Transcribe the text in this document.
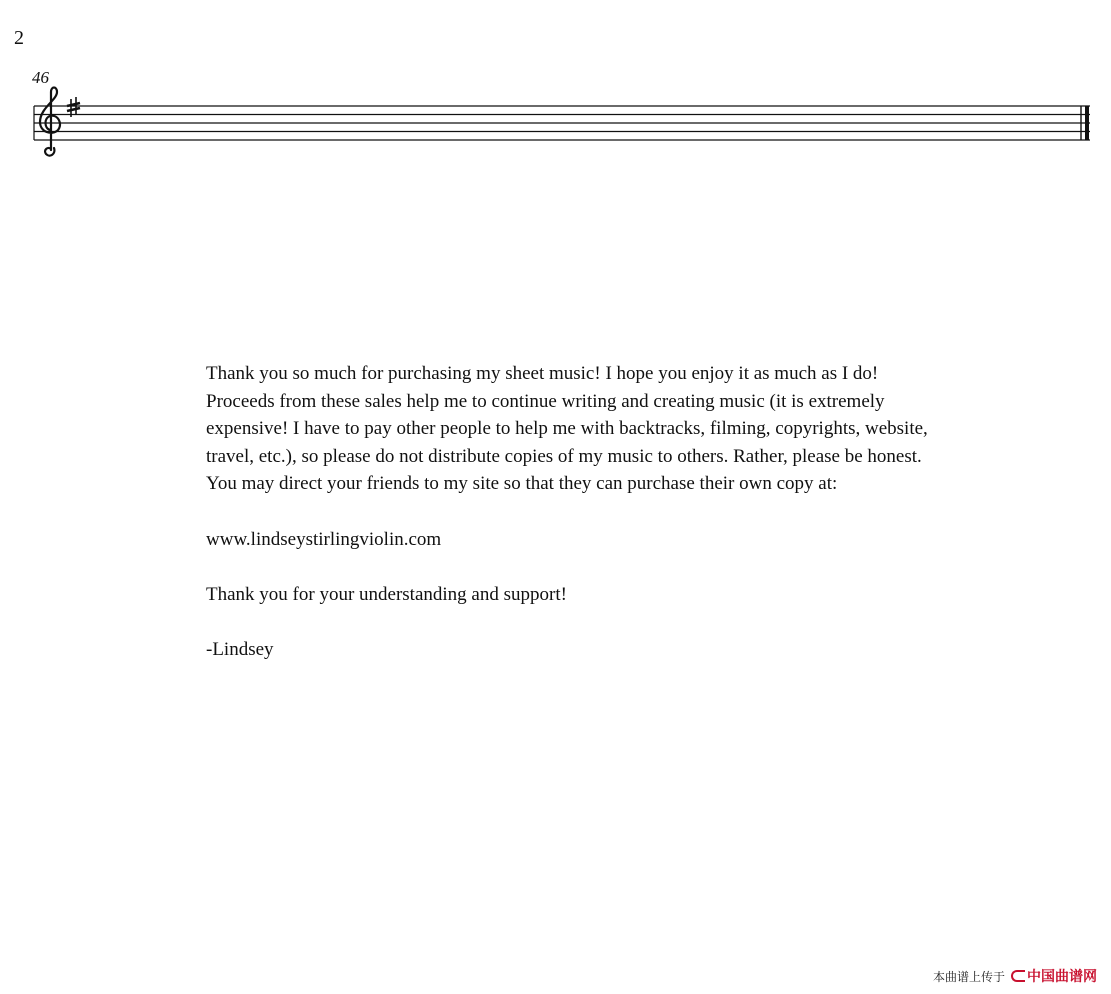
2
46

Thank you so much for purchasing my sheet music! I hope you enjoy it as much as I do! Proceeds from these sales help me to continue writing and creating music (it is extremely expensive! I have to pay other people to help me with backtracks, filming, copyrights, website, travel, etc.), so please do not distribute copies of my music to others. Rather, please be honest. You may direct your friends to my site so that they can purchase their own copy at:

www.lindseystirlingviolin.com

Thank you for your understanding and support!

-Lindsey

本曲谱上传于 中国曲谱网
